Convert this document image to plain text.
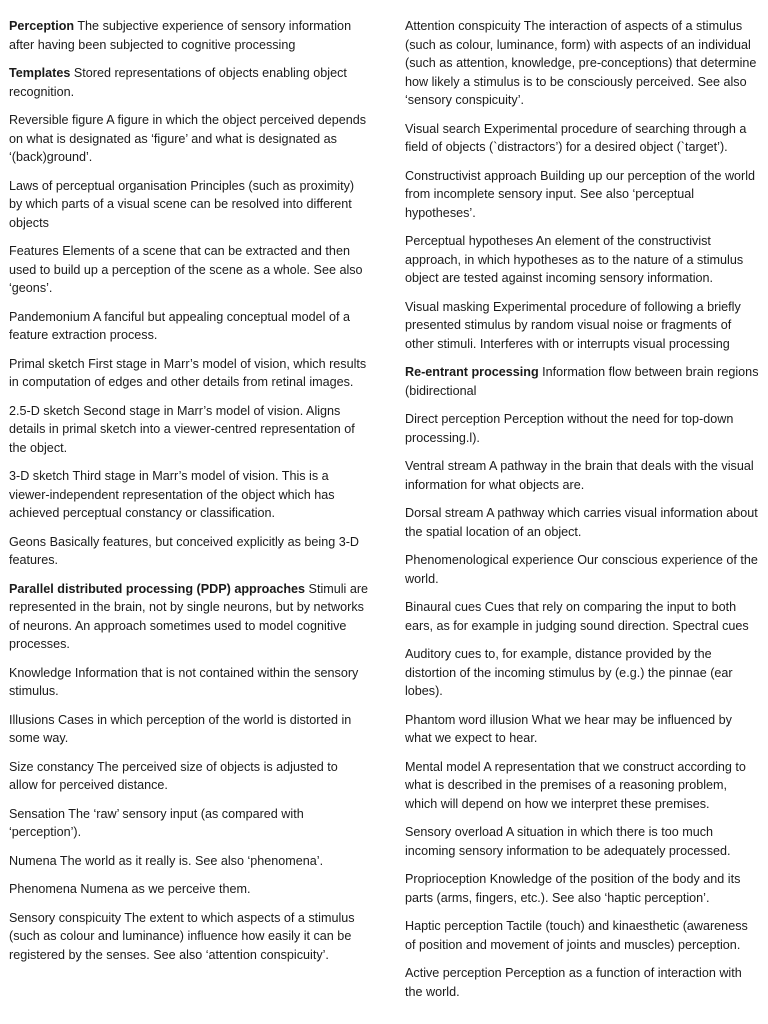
Perception The subjective experience of sensory information after having been subjected to cognitive processing

Templates Stored representations of objects enabling object recognition.

Reversible figure A figure in which the object perceived depends on what is designated as ‘figure’ and what is designated as ‘(back)ground’.

Laws of perceptual organisation Principles (such as proximity) by which parts of a visual scene can be resolved into different objects

Features Elements of a scene that can be extracted and then used to build up a perception of the scene as a whole. See also ‘geons’.

Pandemonium A fanciful but appealing conceptual model of a feature extraction process.

Primal sketch First stage in Marr’s model of vision, which results in computation of edges and other details from retinal images.

2.5-D sketch Second stage in Marr’s model of vision. Aligns details in primal sketch into a viewer-centred representation of the object.

3-D sketch Third stage in Marr’s model of vision. This is a viewer-independent representation of the object which has achieved perceptual constancy or classification.

Geons Basically features, but conceived explicitly as being 3-D features.

Parallel distributed processing (PDP) approaches Stimuli are represented in the brain, not by single neurons, but by networks of neurons. An approach sometimes used to model cognitive processes.

Knowledge Information that is not contained within the sensory stimulus.

Illusions Cases in which perception of the world is distorted in some way.

Size constancy The perceived size of objects is adjusted to allow for perceived distance.

Sensation The ‘raw’ sensory input (as compared with ‘perception’).

Numena The world as it really is. See also ‘phenomena’.

Phenomena Numena as we perceive them.

Sensory conspicuity The extent to which aspects of a stimulus (such as colour and luminance) influence how easily it can be registered by the senses. See also ‘attention conspicuity’.

Attention conspicuity The interaction of aspects of a stimulus (such as colour, luminance, form) with aspects of an individual (such as attention, knowledge, pre-conceptions) that determine how likely a stimulus is to be consciously perceived. See also ‘sensory conspicuity’.

Visual search Experimental procedure of searching through a field of objects (`distractors’) for a desired object (`target’).

Constructivist approach Building up our perception of the world from incomplete sensory input. See also ‘perceptual hypotheses’.

Perceptual hypotheses An element of the constructivist approach, in which hypotheses as to the nature of a stimulus object are tested against incoming sensory information.

Visual masking Experimental procedure of following a briefly presented stimulus by random visual noise or fragments of other stimuli. Interferes with or interrupts visual processing

Re-entrant processing Information flow between brain regions (bidirectional

Direct perception Perception without the need for top-down processing.l).

Ventral stream A pathway in the brain that deals with the visual information for what objects are.

Dorsal stream A pathway which carries visual information about the spatial location of an object.

Phenomenological experience Our conscious experience of the world.

Binaural cues Cues that rely on comparing the input to both ears, as for example in judging sound direction. Spectral cues

Auditory cues to, for example, distance provided by the distortion of the incoming stimulus by (e.g.) the pinnae (ear lobes).

Phantom word illusion What we hear may be influenced by what we expect to hear.

Mental model A representation that we construct according to what is described in the premises of a reasoning problem, which will depend on how we interpret these premises.

Sensory overload A situation in which there is too much incoming sensory information to be adequately processed.

Proprioception Knowledge of the position of the body and its parts (arms, fingers, etc.). See also ‘haptic perception’.

Haptic perception Tactile (touch) and kinaesthetic (awareness of position and movement of joints and muscles) perception.

Active perception Perception as a function of interaction with the world.
